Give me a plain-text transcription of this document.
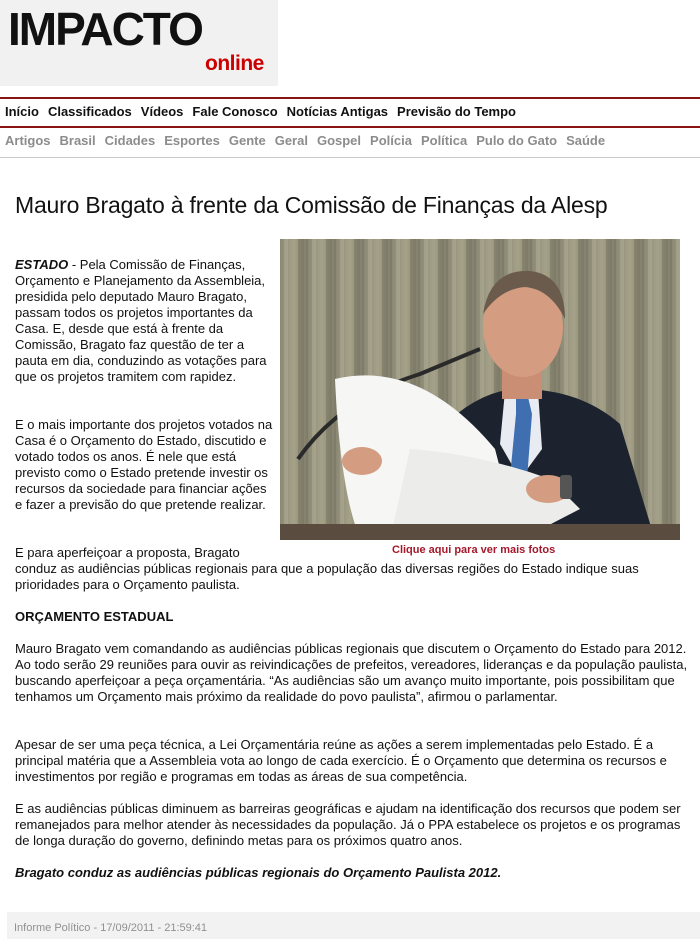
IMPACTO
online
Início Classificados Vídeos Fale Conosco Notícias Antigas Previsão do Tempo
Artigos Brasil Cidades Esportes Gente Geral Gospel Polícia Política Pulo do Gato Saúde
Mauro Bragato à frente da Comissão de Finanças da Alesp
Clique aqui para ver mais fotos
ESTADO - Pela Comissão de Finanças, Orçamento e Planejamento da Assembleia, presidida pelo deputado Mauro Bragato, passam todos os projetos importantes da Casa. E, desde que está à frente da Comissão, Bragato faz questão de ter a pauta em dia, conduzindo as votações para que os projetos tramitem com rapidez.
E o mais importante dos projetos votados na Casa é o Orçamento do Estado, discutido e votado todos os anos. É nele que está previsto como o Estado pretende investir os recursos da sociedade para financiar ações e fazer a previsão do que pretende realizar.
E para aperfeiçoar a proposta, Bragato
conduz as audiências públicas regionais para que a população das diversas regiões do Estado indique suas prioridades para o Orçamento paulista.
ORÇAMENTO ESTADUAL
Mauro Bragato vem comandando as audiências públicas regionais que discutem o Orçamento do Estado para 2012. Ao todo serão 29 reuniões para ouvir as reivindicações de prefeitos, vereadores, lideranças e da população paulista, buscando aperfeiçoar a peça orçamentária. “As audiências são um avanço muito importante, pois possibilitam que tenhamos um Orçamento mais próximo da realidade do povo paulista”, afirmou o parlamentar.
Apesar de ser uma peça técnica, a Lei Orçamentária reúne as ações a serem implementadas pelo Estado. É a principal matéria que a Assembleia vota ao longo de cada exercício. É o Orçamento que determina os recursos e investimentos por região e programas em todas as áreas de sua competência.
E as audiências públicas diminuem as barreiras geográficas e ajudam na identificação dos recursos que podem ser remanejados para melhor atender às necessidades da população. Já o PPA estabelece os projetos e os programas de longa duração do governo, definindo metas para os próximos quatro anos.
Bragato conduz as audiências públicas regionais do Orçamento Paulista 2012.
Informe Político - 17/09/2011 - 21:59:41
